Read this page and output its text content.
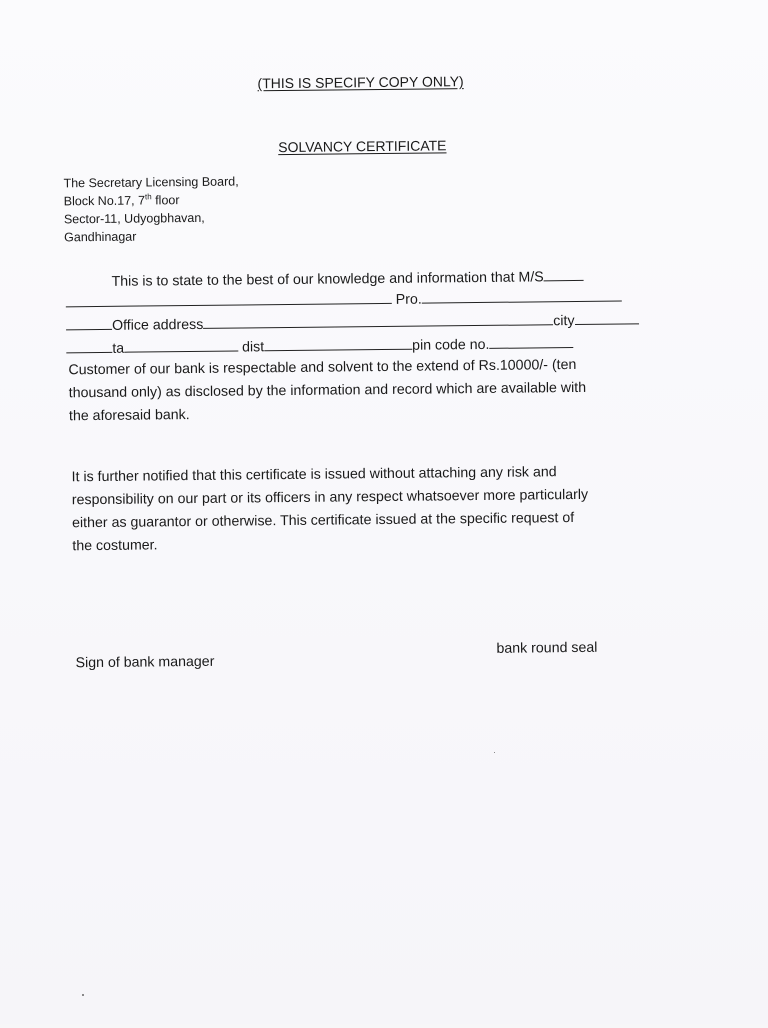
(THIS IS SPECIFY COPY ONLY)
SOLVANCY CERTIFICATE
The Secretary Licensing Board,
Block No.17, 7th floor
Sector-11, Udyogbhavan,
Gandhinagar
This is to state to the best of our knowledge and information that M/S
Pro.
Office address	city
ta	dist	pin code no.
Customer of our bank is respectable and solvent to the extend of Rs.10000/- (ten
thousand only) as disclosed by the information and record which are available with
the aforesaid bank.
It is further notified that this certificate is issued without attaching any risk and
responsibility on our part or its officers in any respect whatsoever more particularly
either as guarantor or otherwise. This certificate issued at the specific request of
the costumer.
Sign of bank manager
bank round seal
